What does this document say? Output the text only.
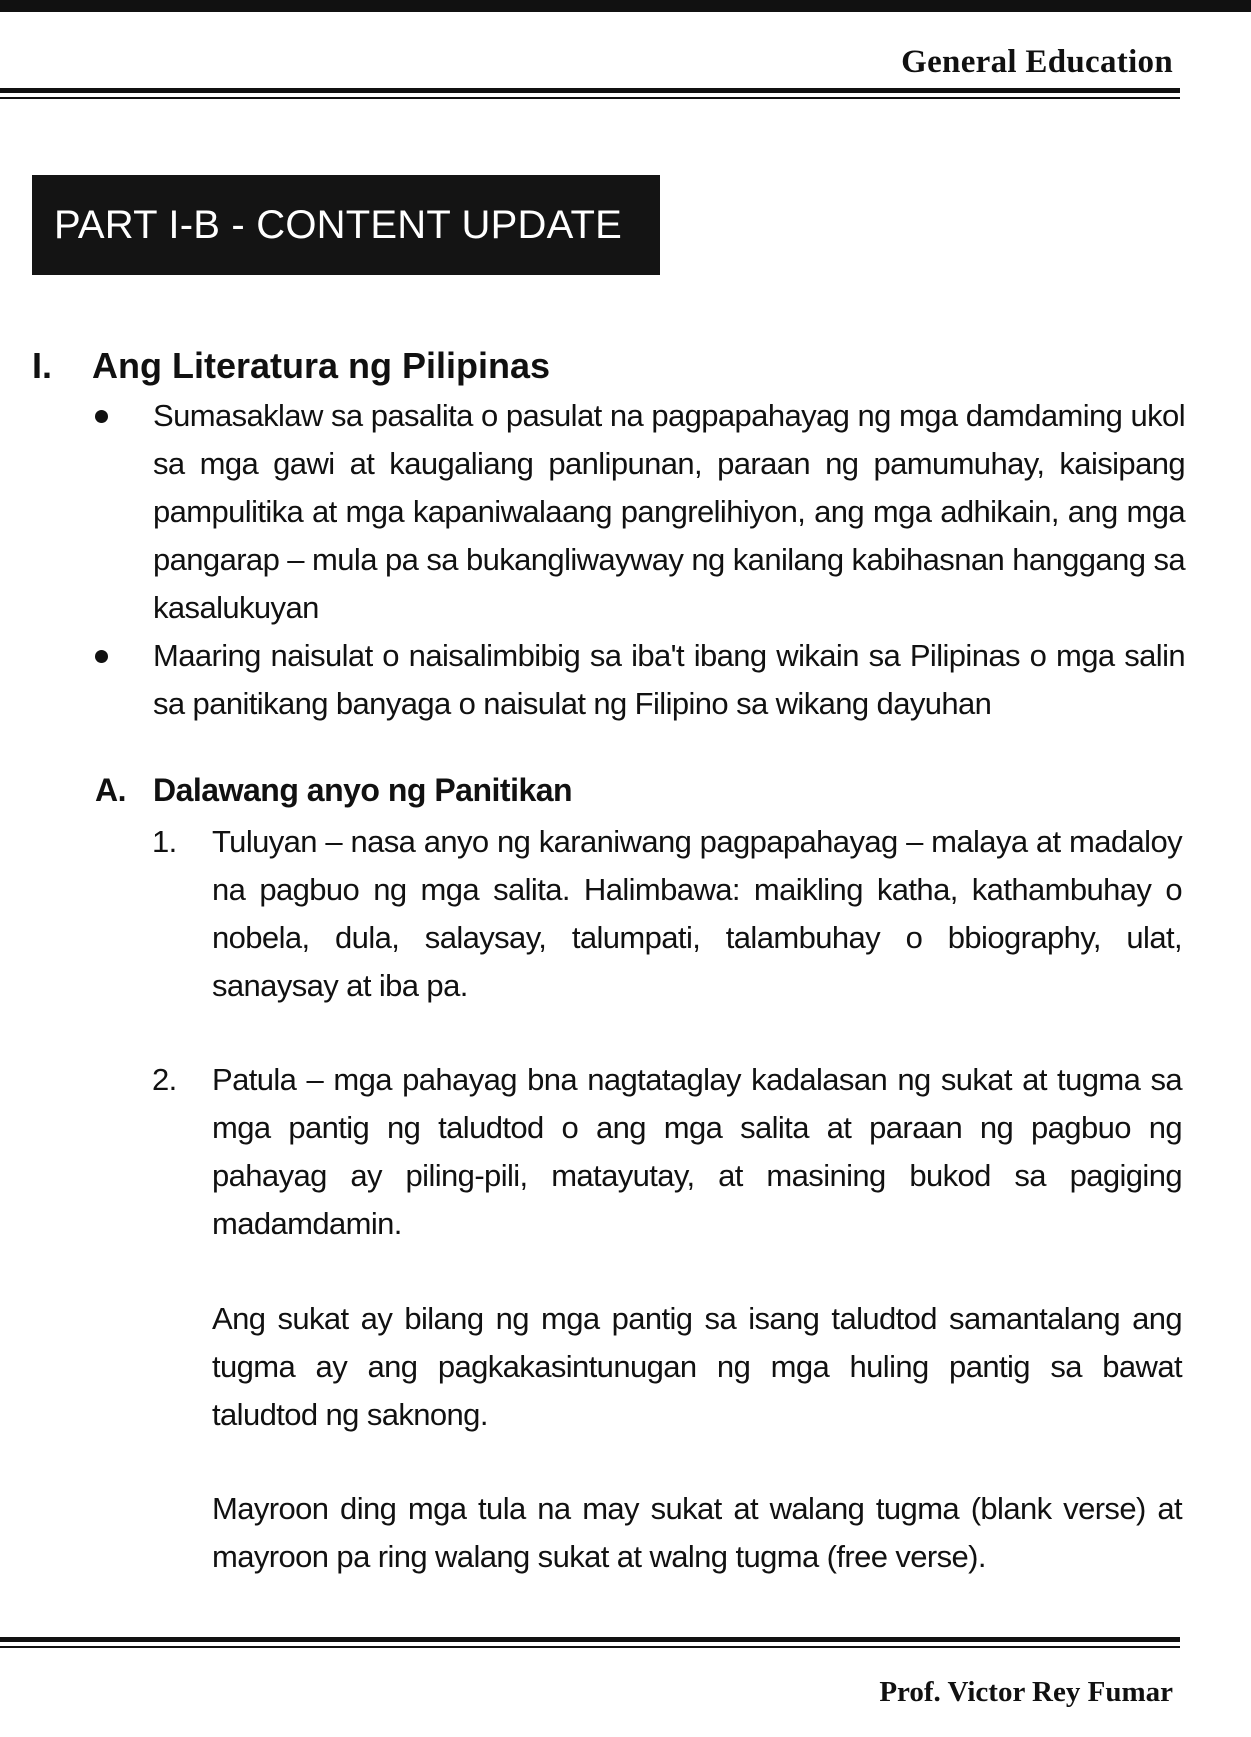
General Education
PART I-B - CONTENT UPDATE
I. Ang Literatura ng Pilipinas
Sumasaklaw sa pasalita o pasulat na pagpapahayag ng mga damdaming ukol sa mga gawi at kaugaliang panlipunan, paraan ng pamumuhay, kaisipang pampulitika at mga kapaniwalaang pangrelihiyon, ang mga adhikain, ang mga pangarap – mula pa sa bukangliwayway ng kanilang kabihasnan hanggang sa kasalukuyan
Maaring naisulat o naisalimbibig sa iba't ibang wikain sa Pilipinas o mga salin sa panitikang banyaga o naisulat ng Filipino sa wikang dayuhan
A. Dalawang anyo ng Panitikan
1. Tuluyan – nasa anyo ng karaniwang pagpapahayag – malaya at madaloy na pagbuo ng mga salita. Halimbawa: maikling katha, kathambuhay o nobela, dula, salaysay, talumpati, talambuhay o bbiography, ulat, sanaysay at iba pa.
2. Patula – mga pahayag bna nagtataglay kadalasan ng sukat at tugma sa mga pantig ng taludtod o ang mga salita at paraan ng pagbuo ng pahayag ay piling-pili, matayutay, at masining bukod sa pagiging madamdamin.
Ang sukat ay bilang ng mga pantig sa isang taludtod samantalang ang tugma ay ang pagkakasintunugan ng mga huling pantig sa bawat taludtod ng saknong.
Mayroon ding mga tula na may sukat at walang tugma (blank verse) at mayroon pa ring walang sukat at walng tugma (free verse).
Prof. Victor Rey Fumar
